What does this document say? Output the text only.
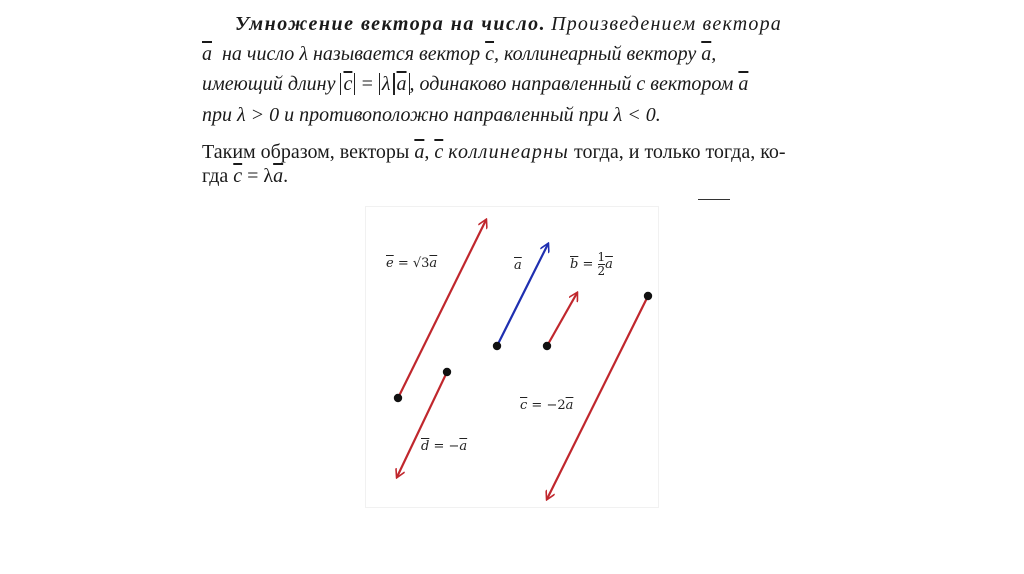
Умножение вектора на число. Произведением вектора
$\overline{a}$ на число λ называется вектор $\overline{c}$, коллинеарный вектору $\overline{a}$,
имеющий длину $\overline{c} = \lambda$ $\overline{a}$ , одинаково направленный с вектором $\overline{a}$
при λ > 0 и противоположно направленный при λ < 0.
Таким образом, векторы $\overline{a}$, $\overline{c}$ коллинеарны тогда, и только тогда, ко-
гда $\overline{c} = \lambda\overline{a}$.
$\overline{e} = √3\overline{a}$	$\overline{a}$	$\overline{b} = \frac{1}{2} \overline{a}$
$\overline{d} = -\overline{a}$
$\overline{c} = -2\overline{a}$
